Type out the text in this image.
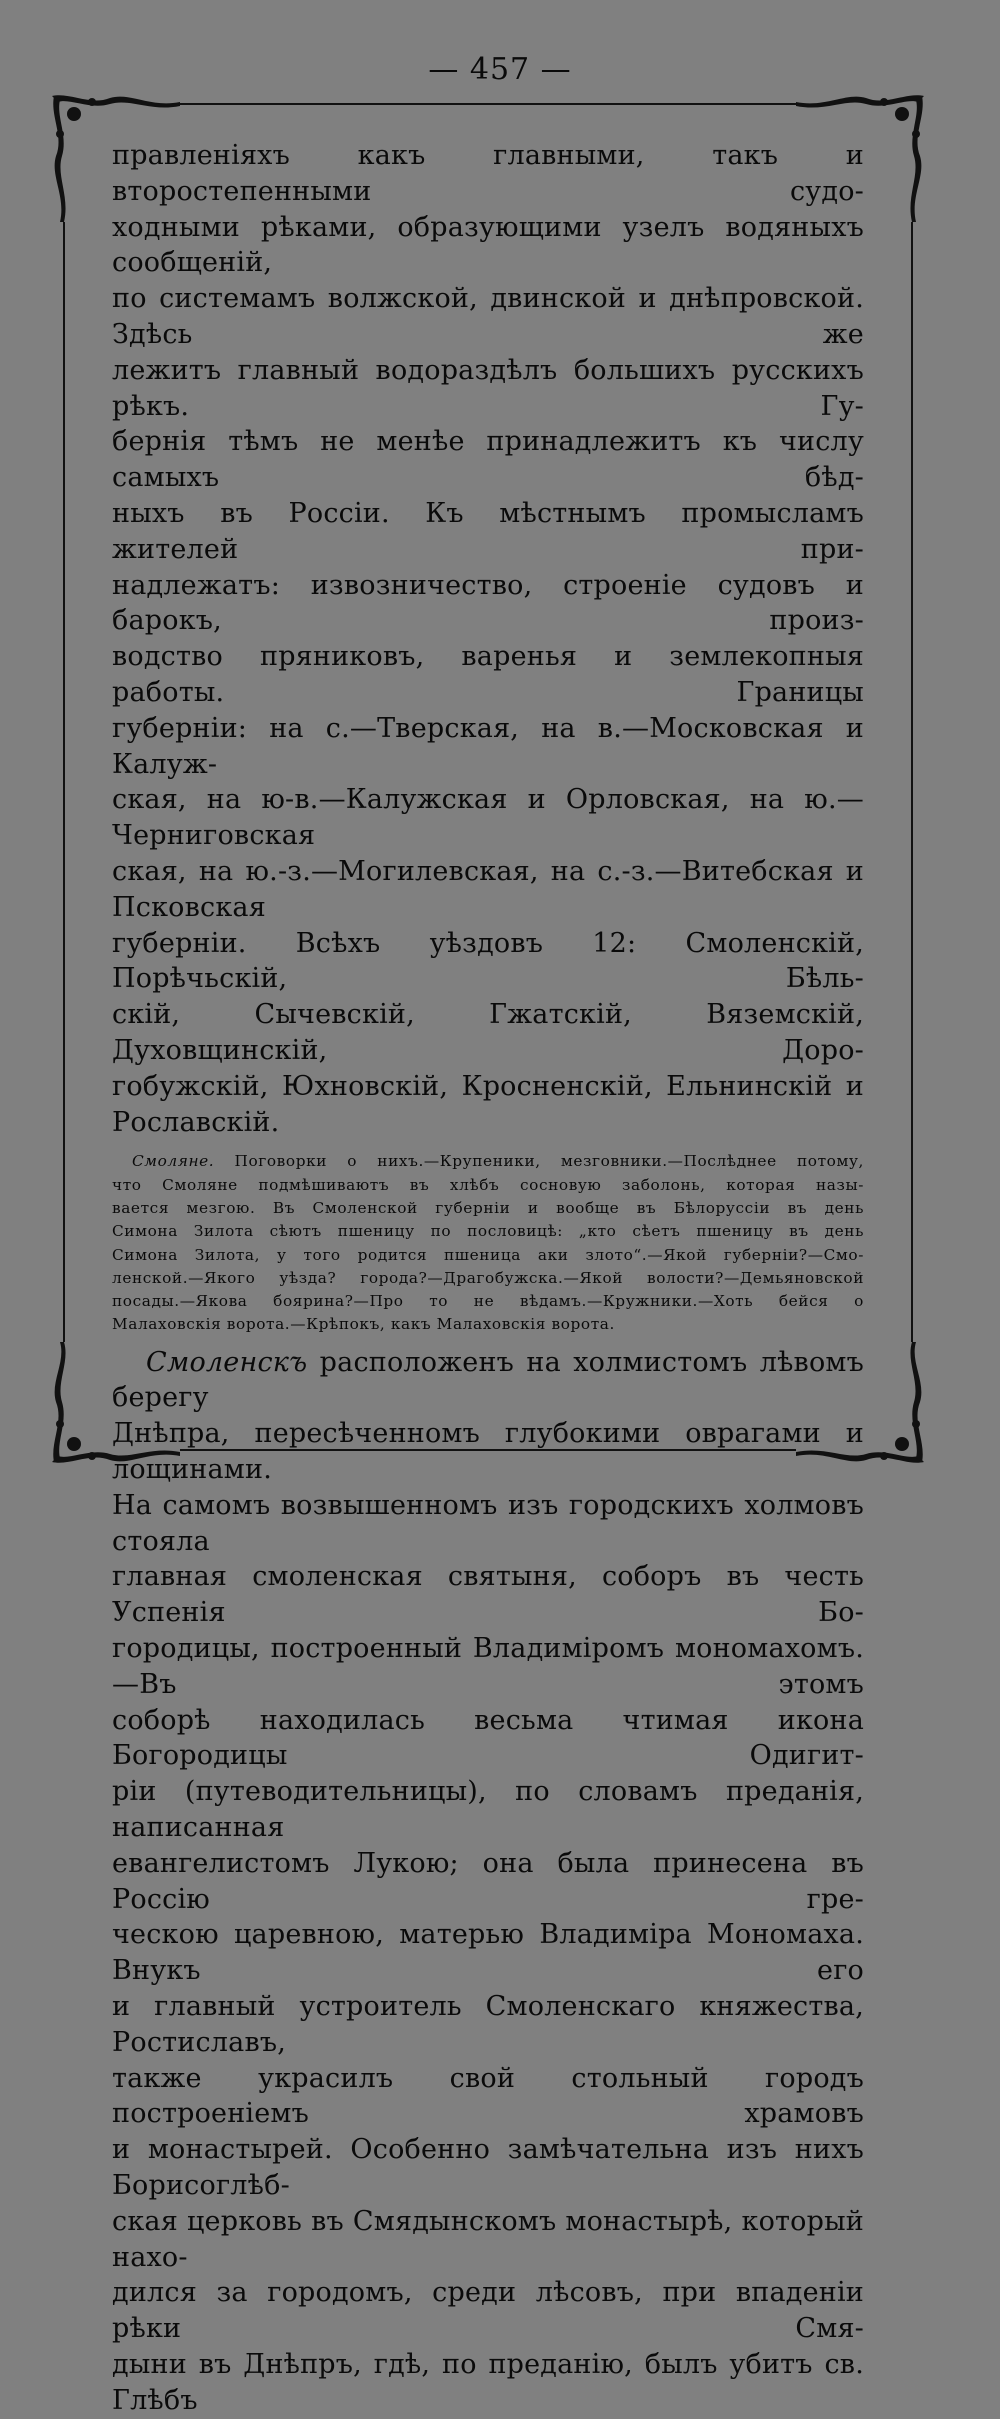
— 457 —
правленіяхъ какъ главными, такъ и второстепенными судо-
ходными рѣками, образующими узелъ водяныхъ сообщеній,
по системамъ волжской, двинской и днѣпровской. Здѣсь же
лежитъ главный водораздѣлъ большихъ русскихъ рѣкъ. Гу-
бернія тѣмъ не менѣе принадлежитъ къ числу самыхъ бѣд-
ныхъ въ Россіи. Къ мѣстнымъ промысламъ жителей при-
надлежатъ: извозничество, строеніе судовъ и барокъ, произ-
водство пряниковъ, варенья и землекопныя работы. Границы
губерніи: на с.—Тверская, на в.—Московская и Калуж-
ская, на ю-в.—Калужская и Орловская, на ю.—Черниговская
ская, на ю.-з.—Могилевская, на с.-з.—Витебская и Псковская
губерніи. Всѣхъ уѣздовъ 12: Смоленскій, Порѣчьскій, Бѣль-
скій, Сычевскій, Гжатскій, Вяземскій, Духовщинскій, Доро-
гобужскій, Юхновскій, Кросненскій, Ельнинскій и Рославскій.
Смоляне. Поговорки о нихъ.—Крупеники, мезговники.—Послѣднее потому,
что Смоляне подмѣшиваютъ въ хлѣбъ сосновую заболонь, которая назы-
вается мезгою. Въ Смоленской губерніи и вообще въ Бѣлоруссіи въ день
Симона Зилота сѣютъ пшеницу по пословицѣ: „кто сѣетъ пшеницу въ день
Симона Зилота, у того родится пшеница аки злото“.—Якой губерніи?—Смо-
ленской.—Якого уѣзда? города?—Драгобужска.—Якой волости?—Демьяновской
посады.—Якова боярина?—Про то не вѣдамъ.—Кружники.—Хоть бейся о
Малаховскія ворота.—Крѣпокъ, какъ Малаховскія ворота.
Смоленскъ расположенъ на холмистомъ лѣвомъ берегу
Днѣпра, пересѣченномъ глубокими оврагами и лощинами.
На самомъ возвышенномъ изъ городскихъ холмовъ стояла
главная смоленская святыня, соборъ въ честь Успенія Бо-
городицы, построенный Владиміромъ мономахомъ.—Въ этомъ
соборѣ находилась весьма чтимая икона Богородицы Одигит-
ріи (путеводительницы), по словамъ преданія, написанная
евангелистомъ Лукою; она была принесена въ Россію гре-
ческою царевною, матерью Владиміра Мономаха. Внукъ его
и главный устроитель Смоленскаго княжества, Ростиславъ,
также украсилъ свой стольный городъ построеніемъ храмовъ
и монастырей. Особенно замѣчательна изъ нихъ Борисоглѣб-
ская церковь въ Смядынскомъ монастырѣ, который нахо-
дился за городомъ, среди лѣсовъ, при впаденіи рѣки Смя-
дыни въ Днѣпръ, гдѣ, по преданію, былъ убитъ св. Глѣбъ
